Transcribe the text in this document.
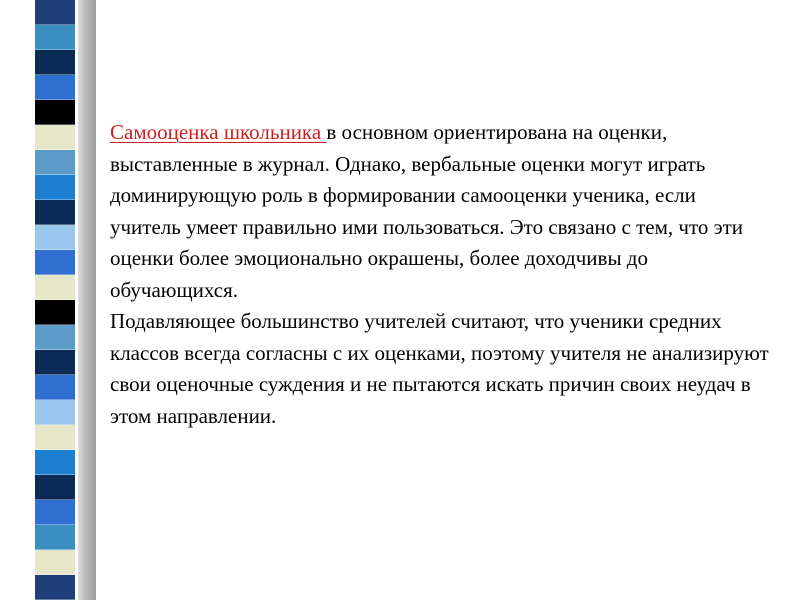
Самооценка школьника в основном ориентирована на оценки, выставленные в журнал. Однако, вербальные оценки могут играть доминирующую роль в формировании самооценки ученика, если учитель умеет правильно ими пользоваться. Это связано с тем, что эти оценки более эмоционально окрашены, более доходчивы до обучающихся.

Подавляющее большинство учителей считают, что ученики средних классов всегда согласны с их оценками, поэтому учителя не анализируют свои оценочные суждения и не пытаются искать причин своих неудач в этом направлении.
